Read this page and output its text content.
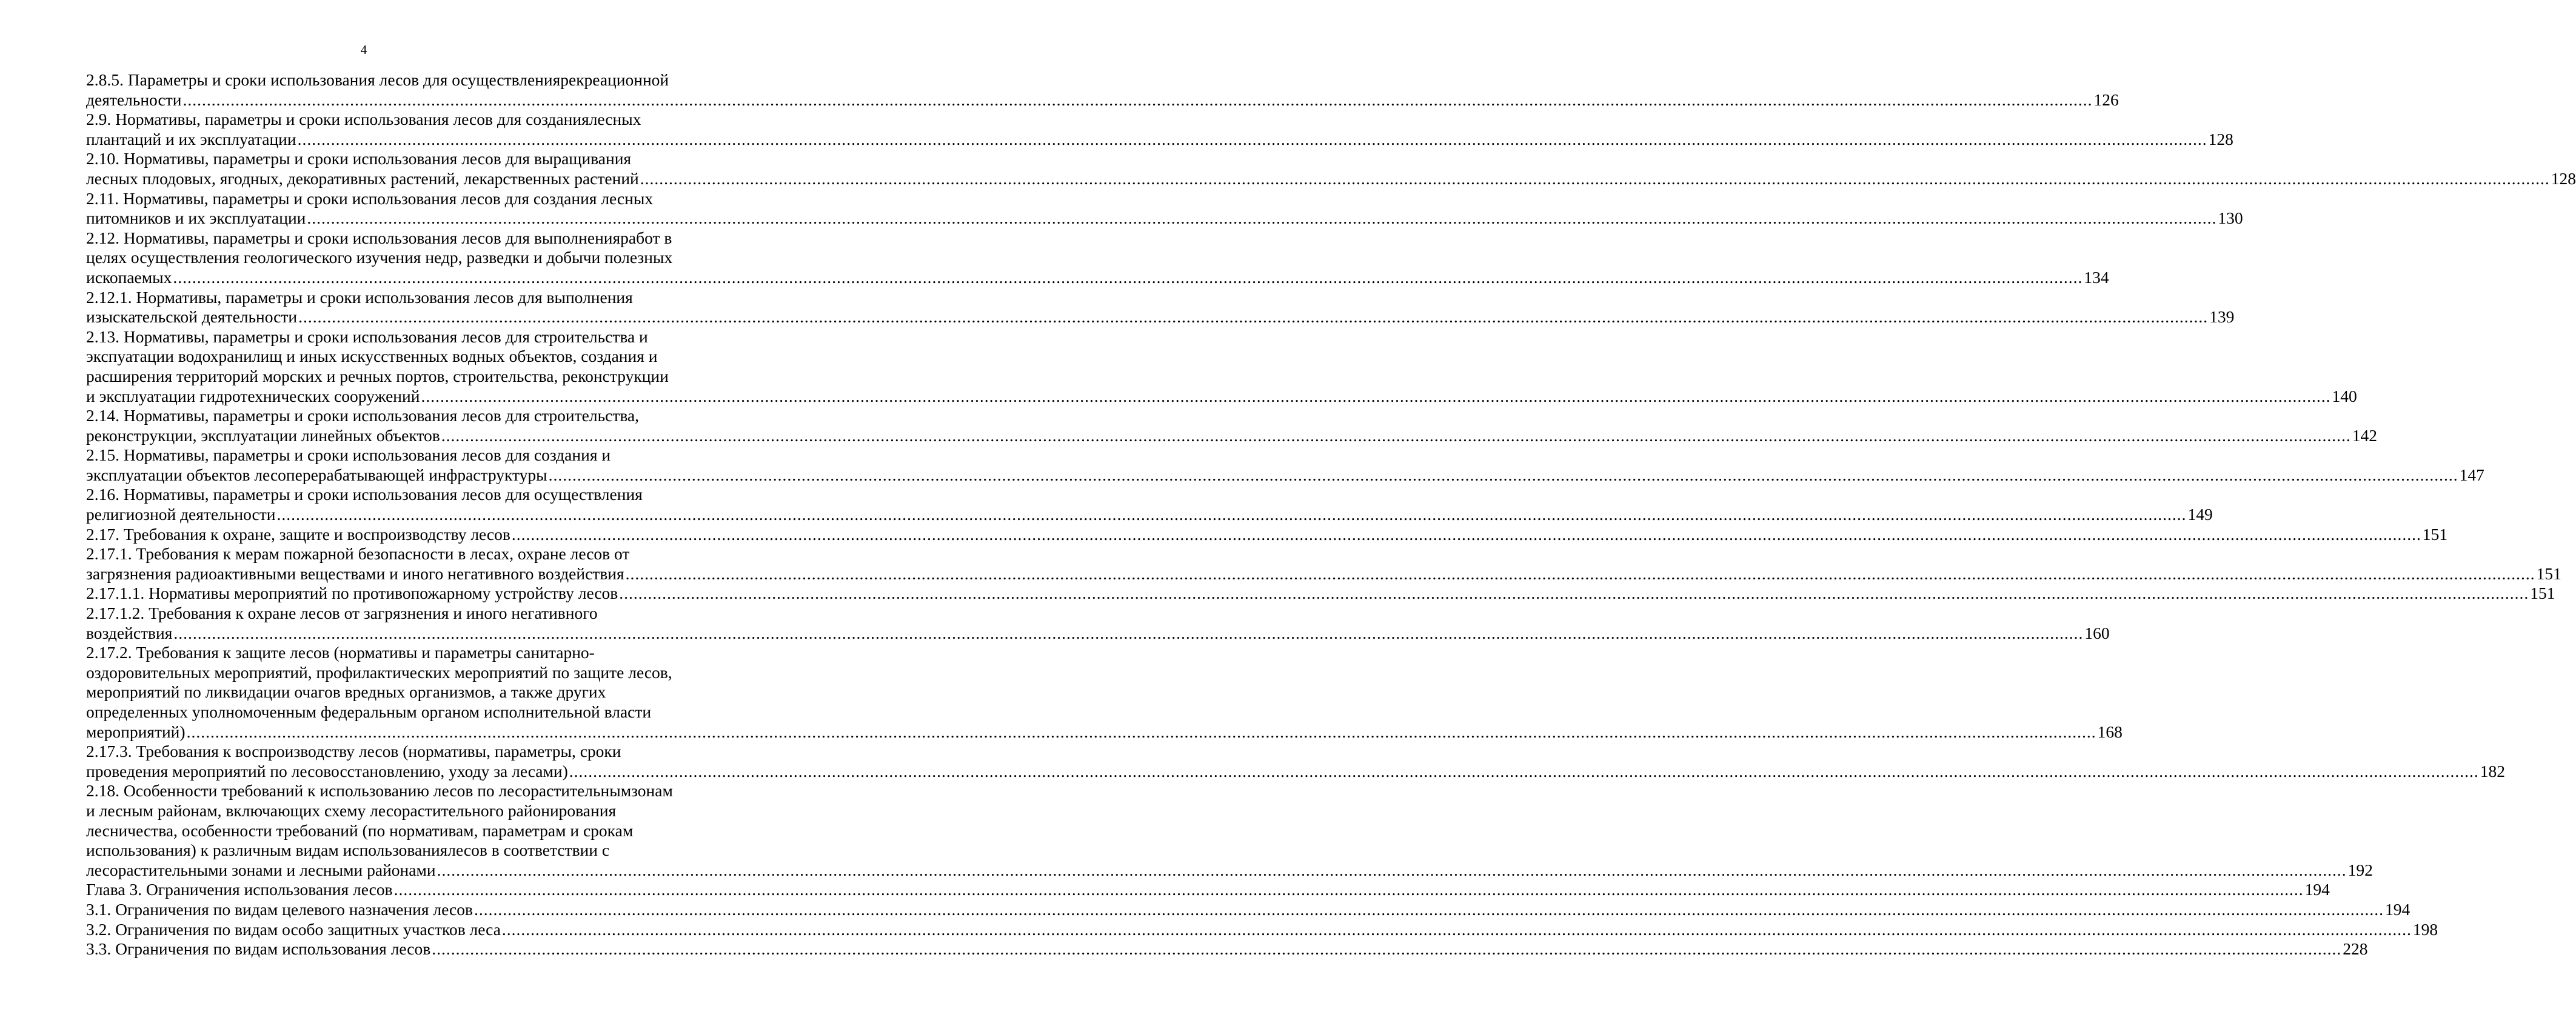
4
2.8.5. Параметры и сроки использования лесов для осуществлениярекреационной
деятельности ................................................................................................................................................................................................................................................................................................................................................................................................................ 126
2.9. Нормативы, параметры и сроки использования лесов для созданиялесных
плантаций и их эксплуатации ................................................................................................................................................................................................................................................................................................................................................................................................................ 128
2.10. Нормативы, параметры и сроки использования лесов для выращивания
лесных плодовых, ягодных, декоративных растений, лекарственных растений ................................................................................................................................................................................................................................................................................................................................................................................................................ 128
2.11. Нормативы, параметры и сроки использования лесов для создания лесных
питомников и их эксплуатации ................................................................................................................................................................................................................................................................................................................................................................................................................ 130
2.12. Нормативы, параметры и сроки использования лесов для выполненияработ в
целях осуществления геологического изучения недр, разведки и добычи полезных
ископаемых ................................................................................................................................................................................................................................................................................................................................................................................................................ 134
2.12.1. Нормативы, параметры и сроки использования лесов для выполнения
изыскательской деятельности ................................................................................................................................................................................................................................................................................................................................................................................................................ 139
2.13. Нормативы, параметры и сроки использования лесов для строительства и
экспуатации водохранилищ и иных искусственных водных объектов, создания и
расширения территорий морских и речных портов, строительства, реконструкции
и эксплуатации гидротехнических сооружений ................................................................................................................................................................................................................................................................................................................................................................................................................ 140
2.14. Нормативы, параметры и сроки использования лесов для строительства,
реконструкции, эксплуатации линейных объектов ................................................................................................................................................................................................................................................................................................................................................................................................................ 142
2.15. Нормативы, параметры и сроки использования лесов для создания и
эксплуатации объектов лесоперерабатывающей инфраструктуры ................................................................................................................................................................................................................................................................................................................................................................................................................ 147
2.16. Нормативы, параметры и сроки использования лесов для осуществления
религиозной деятельности ................................................................................................................................................................................................................................................................................................................................................................................................................ 149
2.17. Требования к охране, защите и воспроизводству лесов ................................................................................................................................................................................................................................................................................................................................................................................................................ 151
2.17.1. Требования к мерам пожарной безопасности в лесах, охране лесов от
загрязнения радиоактивными веществами и иного негативного воздействия ................................................................................................................................................................................................................................................................................................................................................................................................................ 151
2.17.1.1. Нормативы мероприятий по противопожарному устройству лесов ................................................................................................................................................................................................................................................................................................................................................................................................................ 151
2.17.1.2. Требования к охране лесов от загрязнения и иного негативного
воздействия ................................................................................................................................................................................................................................................................................................................................................................................................................ 160
2.17.2. Требования к защите лесов (нормативы и параметры санитарно-
оздоровительных мероприятий, профилактических мероприятий по защите лесов,
мероприятий по ликвидации очагов вредных организмов, а также других
определенных уполномоченным федеральным органом исполнительной власти
мероприятий) ................................................................................................................................................................................................................................................................................................................................................................................................................ 168
2.17.3. Требования к воспроизводству лесов (нормативы, параметры, сроки
проведения мероприятий по лесовосстановлению, уходу за лесами) ................................................................................................................................................................................................................................................................................................................................................................................................................ 182
2.18. Особенности требований к использованию лесов по лесорастительнымзонам
и лесным районам, включающих схему лесорастительного районирования
лесничества, особенности требований (по нормативам, параметрам и срокам
использования) к различным видам использованиялесов в соответствии с
лесорастительными зонами и лесными районами ................................................................................................................................................................................................................................................................................................................................................................................................................ 192
Глава 3. Ограничения использования лесов ................................................................................................................................................................................................................................................................................................................................................................................................................ 194
3.1. Ограничения по видам целевого назначения лесов ................................................................................................................................................................................................................................................................................................................................................................................................................ 194
3.2. Ограничения по видам особо защитных участков леса ................................................................................................................................................................................................................................................................................................................................................................................................................ 198
3.3. Ограничения по видам использования лесов ................................................................................................................................................................................................................................................................................................................................................................................................................ 228
